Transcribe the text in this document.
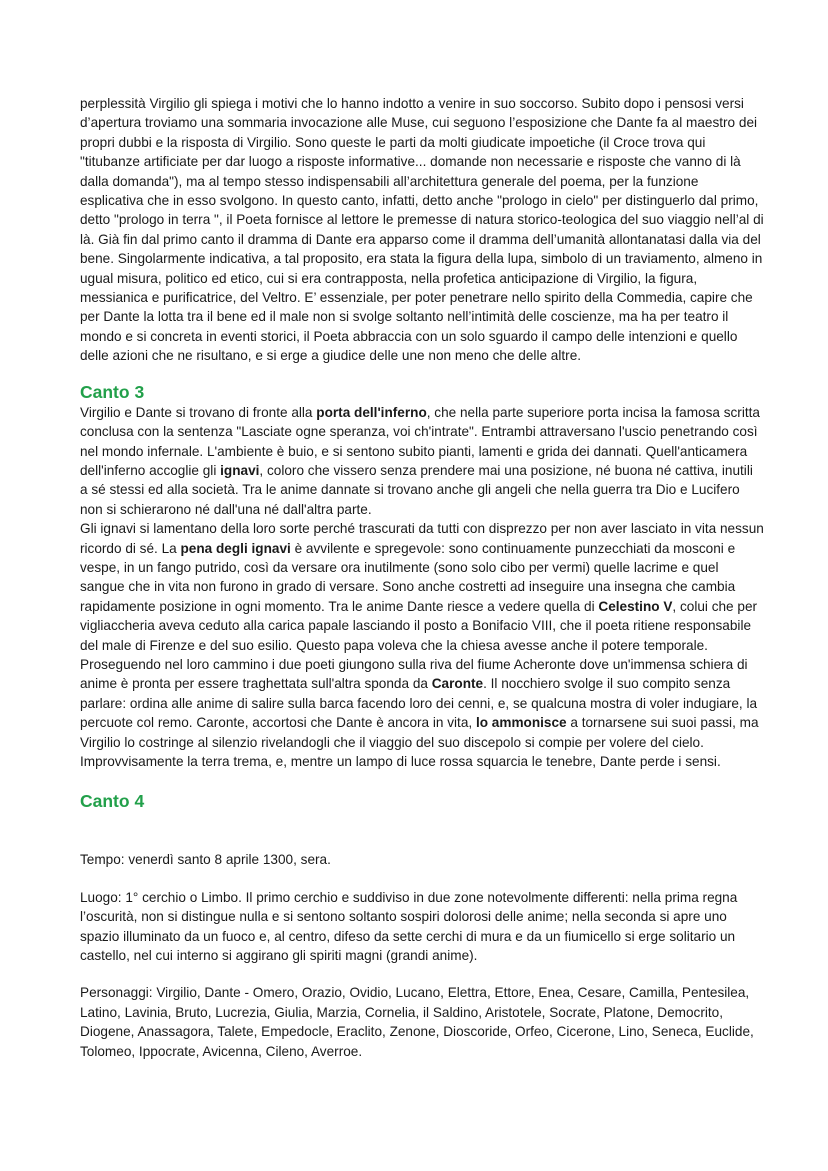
perplessità Virgilio gli spiega i motivi che lo hanno indotto a venire in suo soccorso. Subito dopo i pensosi versi d’apertura troviamo una sommaria invocazione alle Muse, cui seguono l’esposizione che Dante fa al maestro dei propri dubbi e la risposta di Virgilio. Sono queste le parti da molti giudicate impoetiche (il Croce trova qui "titubanze artificiate per dar luogo a risposte informative... domande non necessarie e risposte che vanno di là dalla domanda"), ma al tempo stesso indispensabili all’architettura generale del poema, per la funzione esplicativa che in esso svolgono. In questo canto, infatti, detto anche "prologo in cielo" per distinguerlo dal primo, detto "prologo in terra ", il Poeta fornisce al lettore le premesse di natura storico-teologica del suo viaggio nell’al di là. Già fin dal primo canto il dramma di Dante era apparso come il dramma dell’umanità allontanatasi dalla via del bene. Singolarmente indicativa, a tal proposito, era stata la figura della lupa, simbolo di un traviamento, almeno in ugual misura, politico ed etico, cui si era contrapposta, nella profetica anticipazione di Virgilio, la figura, messianica e purificatrice, del Veltro. E’ essenziale, per poter penetrare nello spirito della Commedia, capire che per Dante la lotta tra il bene ed il male non si svolge soltanto nell’intimità delle coscienze, ma ha per teatro il mondo e si concreta in eventi storici, il Poeta abbraccia con un solo sguardo il campo delle intenzioni e quello delle azioni che ne risultano, e si erge a giudice delle une non meno che delle altre.

Canto 3

Virgilio e Dante si trovano di fronte alla porta dell'inferno, che nella parte superiore porta incisa la famosa scritta conclusa con la sentenza "Lasciate ogne speranza, voi ch'intrate". Entrambi attraversano l'uscio penetrando così nel mondo infernale. L'ambiente è buio, e si sentono subito pianti, lamenti e grida dei dannati. Quell'anticamera dell'inferno accoglie gli ignavi, coloro che vissero senza prendere mai una posizione, né buona né cattiva, inutili a sé stessi ed alla società. Tra le anime dannate si trovano anche gli angeli che nella guerra tra Dio e Lucifero non si schierarono né dall'una né dall'altra parte.

Gli ignavi si lamentano della loro sorte perché trascurati da tutti con disprezzo per non aver lasciato in vita nessun ricordo di sé. La pena degli ignavi è avvilente e spregevole: sono continuamente punzecchiati da mosconi e vespe, in un fango putrido, così da versare ora inutilmente (sono solo cibo per vermi) quelle lacrime e quel sangue che in vita non furono in grado di versare. Sono anche costretti ad inseguire una insegna che cambia rapidamente posizione in ogni momento. Tra le anime Dante riesce a vedere quella di Celestino V, colui che per vigliaccheria aveva ceduto alla carica papale lasciando il posto a Bonifacio VIII, che il poeta ritiene responsabile del male di Firenze e del suo esilio. Questo papa voleva che la chiesa avesse anche il potere temporale. Proseguendo nel loro cammino i due poeti giungono sulla riva del fiume Acheronte dove un'immensa schiera di anime è pronta per essere traghettata sull'altra sponda da Caronte. Il nocchiero svolge il suo compito senza parlare: ordina alle anime di salire sulla barca facendo loro dei cenni, e, se qualcuna mostra di voler indugiare, la percuote col remo. Caronte, accortosi che Dante è ancora in vita, lo ammonisce a tornarsene sui suoi passi, ma Virgilio lo costringe al silenzio rivelandogli che il viaggio del suo discepolo si compie per volere del cielo. Improvvisamente la terra trema, e, mentre un lampo di luce rossa squarcia le tenebre, Dante perde i sensi.

Canto 4

Tempo: venerdì santo 8 aprile 1300, sera.

Luogo: 1° cerchio o Limbo. Il primo cerchio e suddiviso in due zone notevolmente differenti: nella prima regna l’oscurità, non si distingue nulla e si sentono soltanto sospiri dolorosi delle anime; nella seconda si apre uno spazio illuminato da un fuoco e, al centro, difeso da sette cerchi di mura e da un fiumicello si erge solitario un castello, nel cui interno si aggirano gli spiriti magni (grandi anime).

Personaggi: Virgilio, Dante - Omero, Orazio, Ovidio, Lucano, Elettra, Ettore, Enea, Cesare, Camilla, Pentesilea, Latino, Lavinia, Bruto, Lucrezia, Giulia, Marzia, Cornelia, il Saldino, Aristotele, Socrate, Platone, Democrito, Diogene, Anassagora, Talete, Empedocle, Eraclito, Zenone, Dioscoride, Orfeo, Cicerone, Lino, Seneca, Euclide, Tolomeo, Ippocrate, Avicenna, Cileno, Averroe.
